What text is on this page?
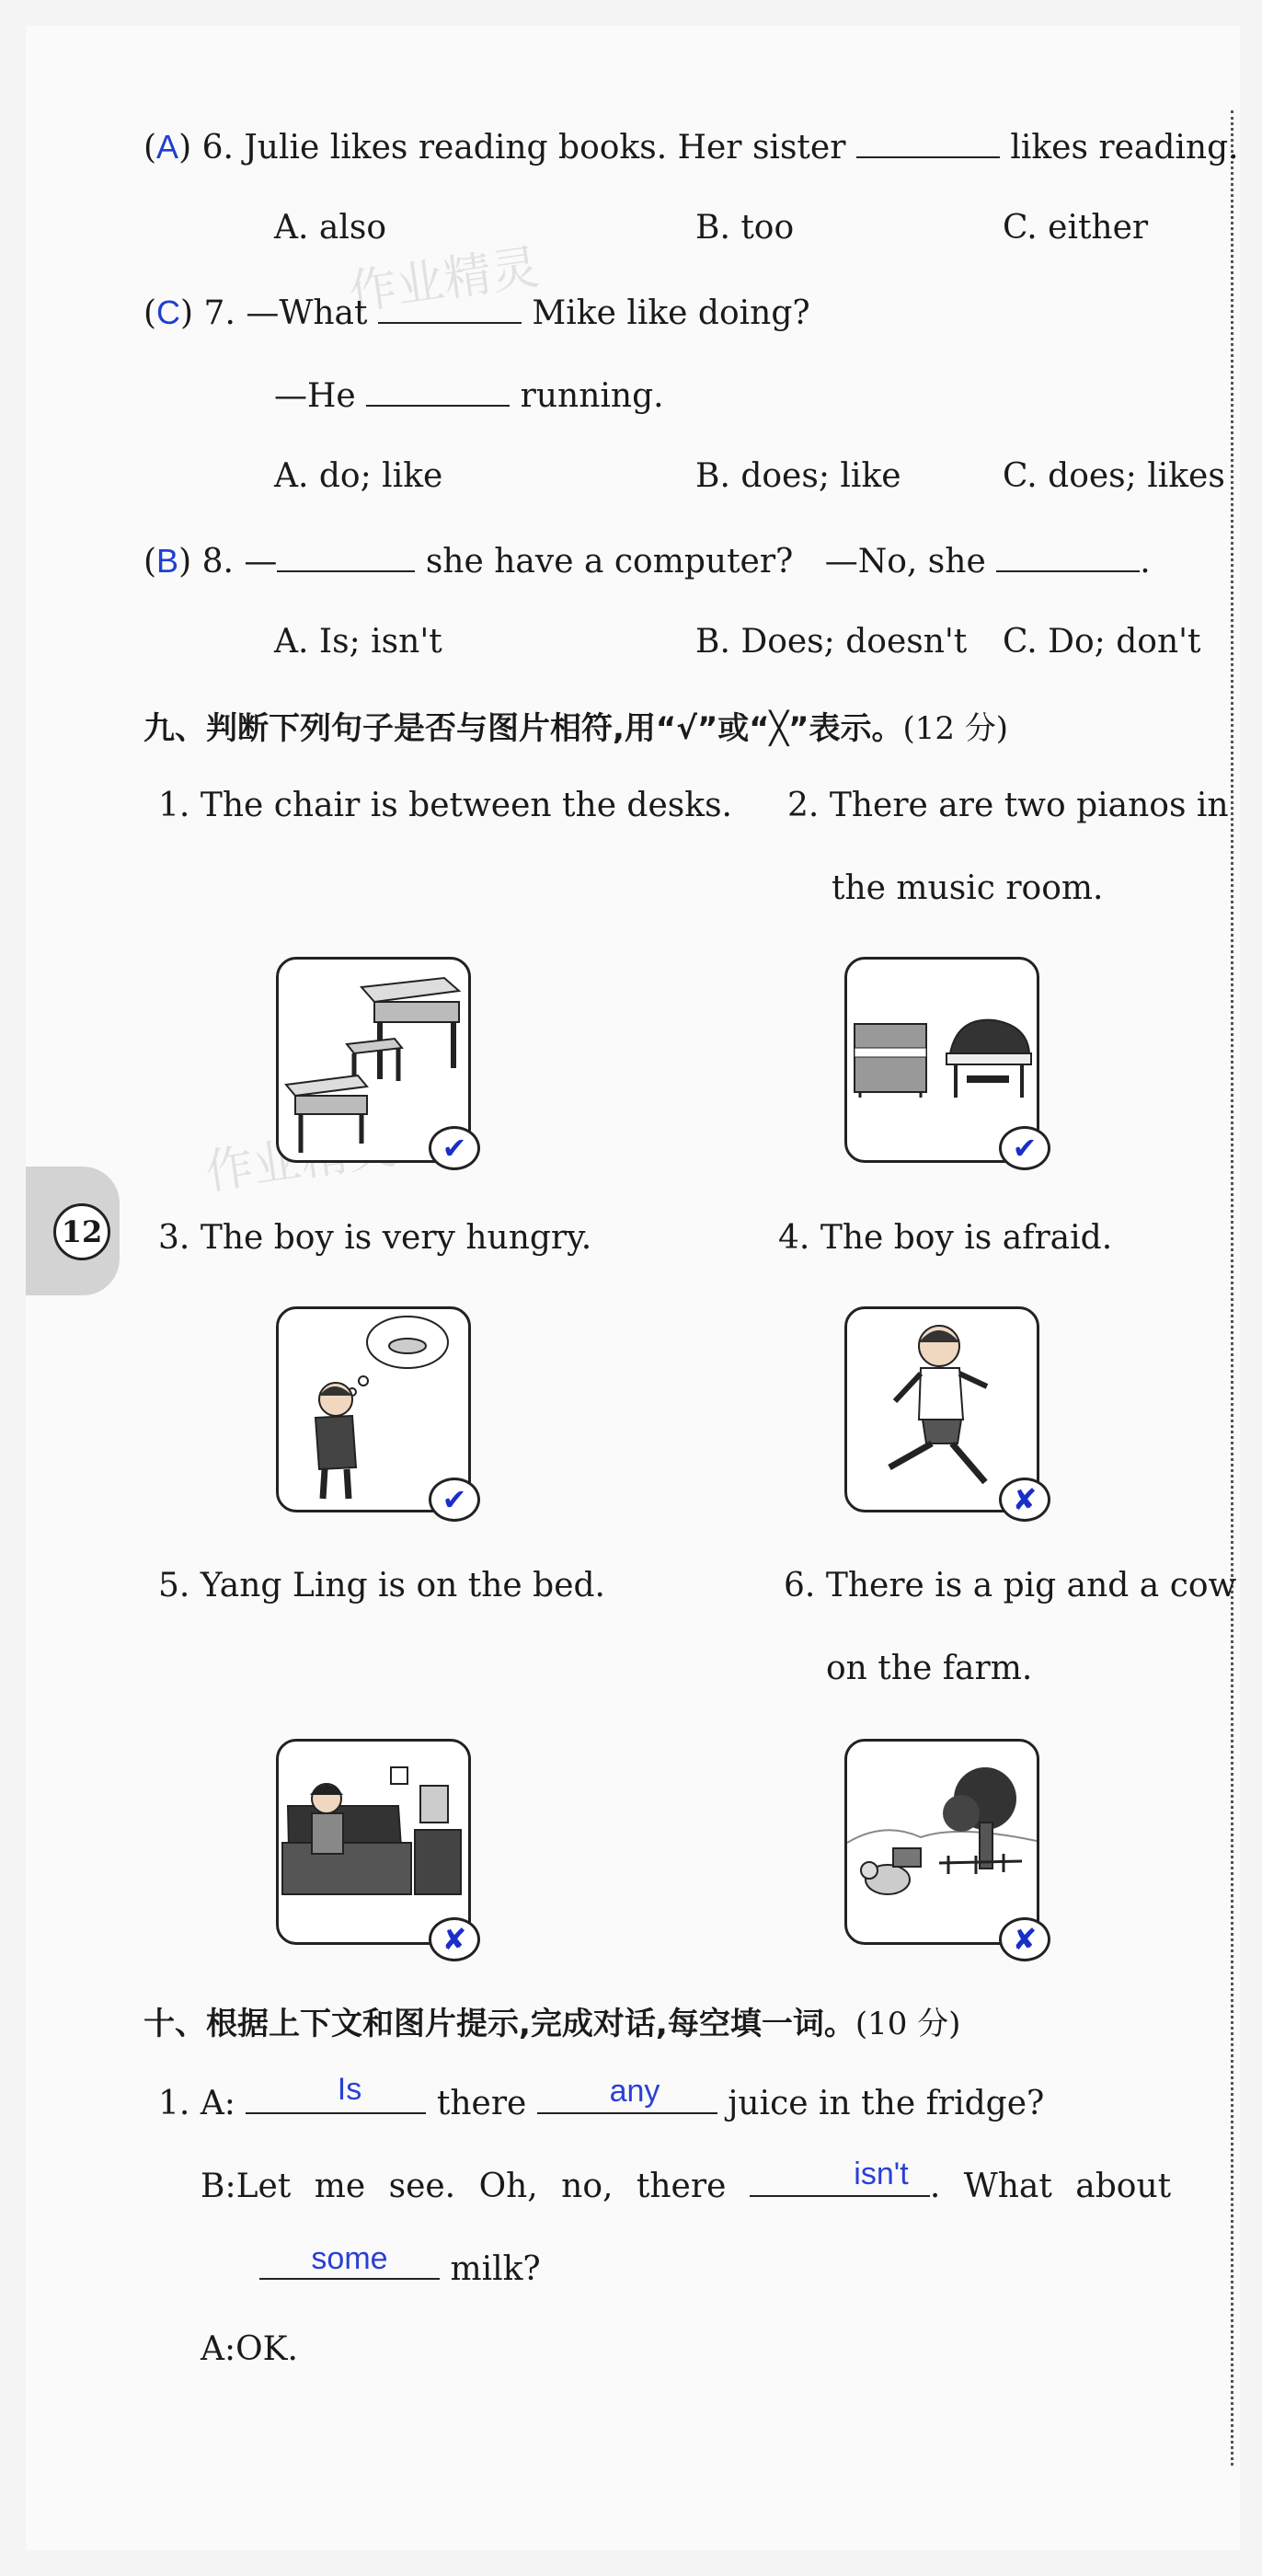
作业精灵
(A) 6. Julie likes reading books. Her sister	likes reading.
A. also	B. too	C. either
(C) 7. —What	Mike like doing?
—He	running.
A. do; like	B. does; like	C. does; likes
(B) 8. —	she have a computer? —No, she	.
A. Is; isn't	B. Does; doesn't C. Do; don't
九、判断下列句子是否与图片相符,用“√”或“╳”表示。(12 分)
1. The chair is between the desks. 2. There are two pianos in
the music room.
✔	✔
3. The boy is very hungry.	4. The boy is afraid.
✔	✘
5. Yang Ling is on the bed.	6. There is a pig and a cow
on the farm.
✘	✘
十、根据上下文和图片提示,完成对话,每空填一词。(10 分)
1. A:	there	juice in the fridge?
Is	any
B:Let me see. Oh, no, there	. What about
isn't
milk?
some
A:OK.
12
